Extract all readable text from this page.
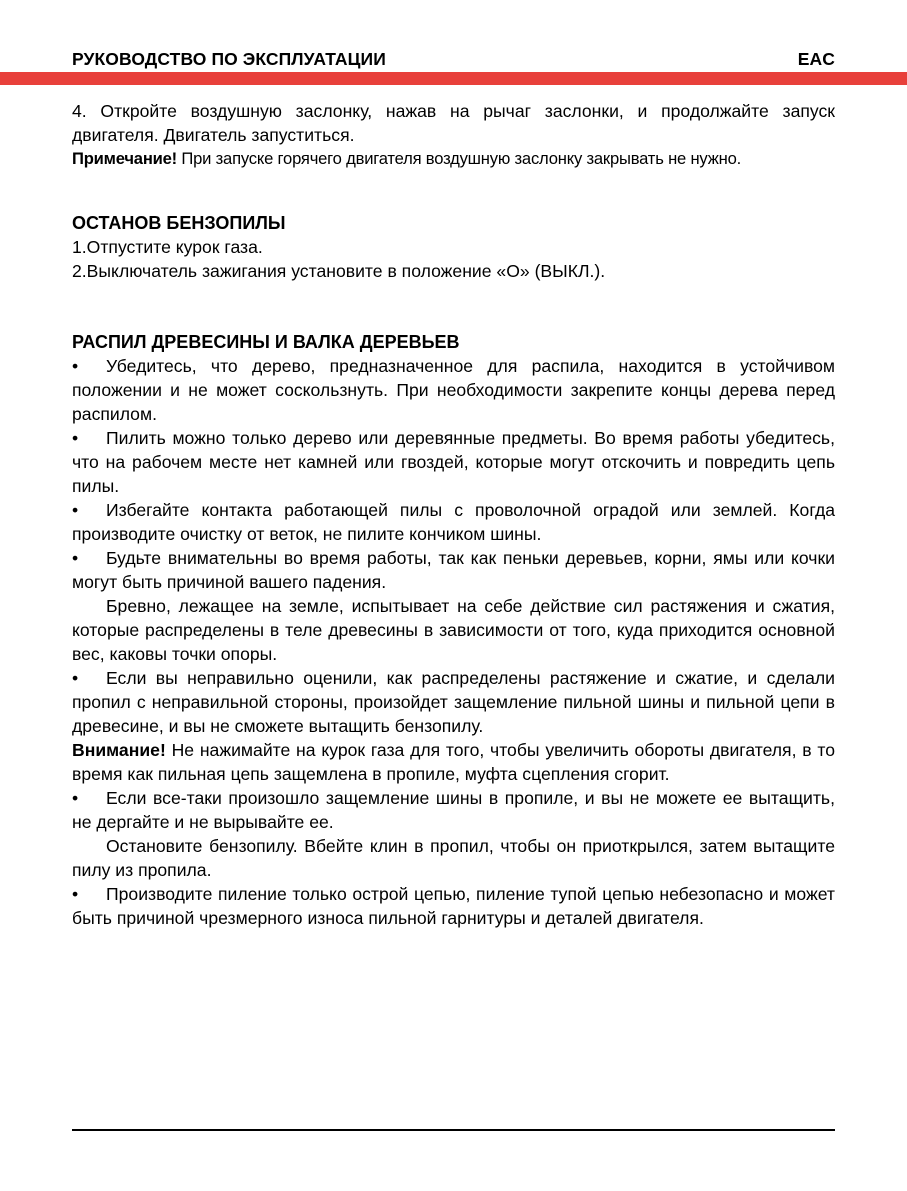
РУКОВОДСТВО ПО ЭКСПЛУАТАЦИИ	EAC

4. Откройте воздушную заслонку, нажав на рычаг заслонки, и продолжайте запуск двигателя. Двигатель запуститься.

Примечание! При запуске горячего двигателя воздушную заслонку закрывать не нужно.

ОСТАНОВ БЕНЗОПИЛЫ

1.Отпустите курок газа.

2.Выключатель зажигания установите в положение «О» (ВЫКЛ.).

РАСПИЛ ДРЕВЕСИНЫ И ВАЛКА ДЕРЕВЬЕВ

• Убедитесь, что дерево, предназначенное для распила, находится в устойчивом положении и не может соскользнуть. При необходимости закрепите концы дерева перед распилом.

• Пилить можно только дерево или деревянные предметы. Во время работы убедитесь, что на рабочем месте нет камней или гвоздей, которые могут отскочить и повредить цепь пилы.

• Избегайте контакта работающей пилы с проволочной оградой или землей. Когда производите очистку от веток, не пилите кончиком шины.

• Будьте внимательны во время работы, так как пеньки деревьев, корни, ямы или кочки могут быть причиной вашего падения.

Бревно, лежащее на земле, испытывает на себе действие сил растяжения и сжатия, которые распределены в теле древесины в зависимости от того, куда приходится основной вес, каковы точки опоры.

• Если вы неправильно оценили, как распределены растяжение и сжатие, и сделали пропил с неправильной стороны, произойдет защемление пильной шины и пильной цепи в древесине, и вы не сможете вытащить бензопилу.

Внимание! Не нажимайте на курок газа для того, чтобы увеличить обороты двигателя, в то время как пильная цепь защемлена в пропиле, муфта сцепления сгорит.

• Если все-таки произошло защемление шины в пропиле, и вы не можете ее вытащить, не дергайте и не вырывайте ее.

Остановите бензопилу. Вбейте клин в пропил, чтобы он приоткрылся, затем вытащите пилу из пропила.

• Производите пиление только острой цепью, пиление тупой цепью небезопасно и может быть причиной чрезмерного износа пильной гарнитуры и деталей двигателя.
